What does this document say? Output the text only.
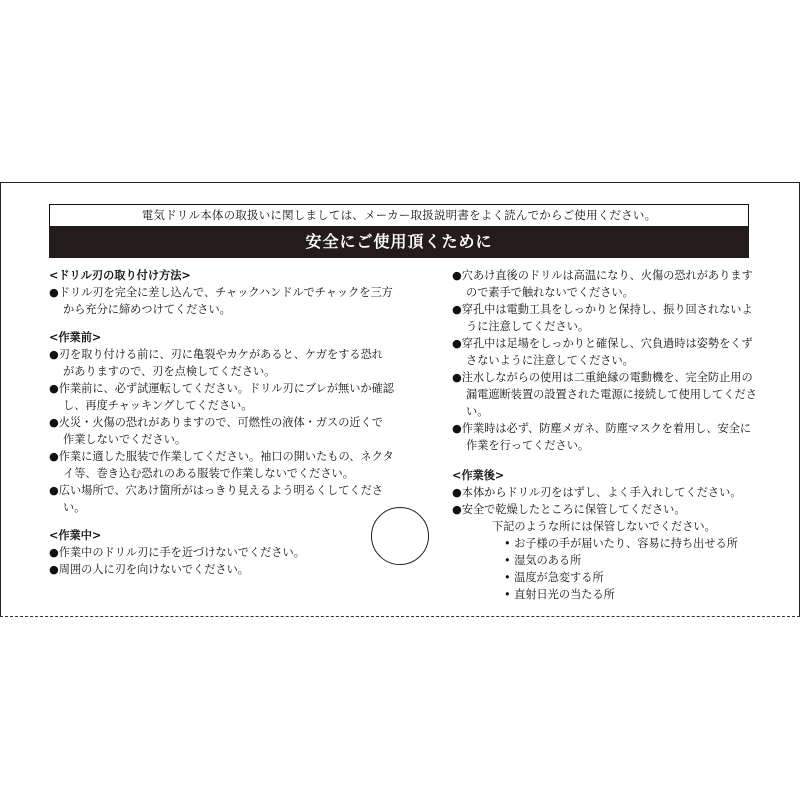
電気ドリル本体の取扱いに関しましては、メーカー取扱説明書をよく読んでからご使用ください。
安全にご使用頂くために
<ドリル刃の取り付け方法>
●ドリル刃を完全に差し込んで、チャックハンドルでチャックを三方から充分に締めつけてください。
<作業前>
●刃を取り付ける前に、刃に亀裂やカケがあると、ケガをする恐れがありますので、刃を点検してください。
●作業前に、必ず試運転してください。ドリル刃にブレが無いか確認し、再度チャッキングしてください。
●火災・火傷の恐れがありますので、可燃性の液体・ガスの近くで作業しないでください。
●作業に適した服装で作業してください。袖口の開いたもの、ネクタイ等、巻き込む恐れのある服装で作業しないでください。
●広い場所で、穴あけ箇所がはっきり見えるよう明るくしてください。
<作業中>
●作業中のドリル刃に手を近づけないでください。
●周囲の人に刃を向けないでください。
●穴あけ直後のドリルは高温になり、火傷の恐れがありますので素手で触れないでください。
●穿孔中は電動工具をしっかりと保持し、振り回されないように注意してください。
●穿孔中は足場をしっかりと確保し、穴負過時は姿勢をくずさないように注意してください。
●注水しながらの使用は二重絶縁の電動機を、完全防止用の漏電遮断装置の設置された電源に接続して使用してください。
●作業時は必ず、防塵メガネ、防塵マスクを着用し、安全に作業を行ってください。
<作業後>
●本体からドリル刃をはずし、よく手入れしてください。
●安全で乾燥したところに保管してください。
下記のような所には保管しないでください。
• お子様の手が届いたり、容易に持ち出せる所
• 湿気のある所
• 温度が急変する所
• 直射日光の当たる所
